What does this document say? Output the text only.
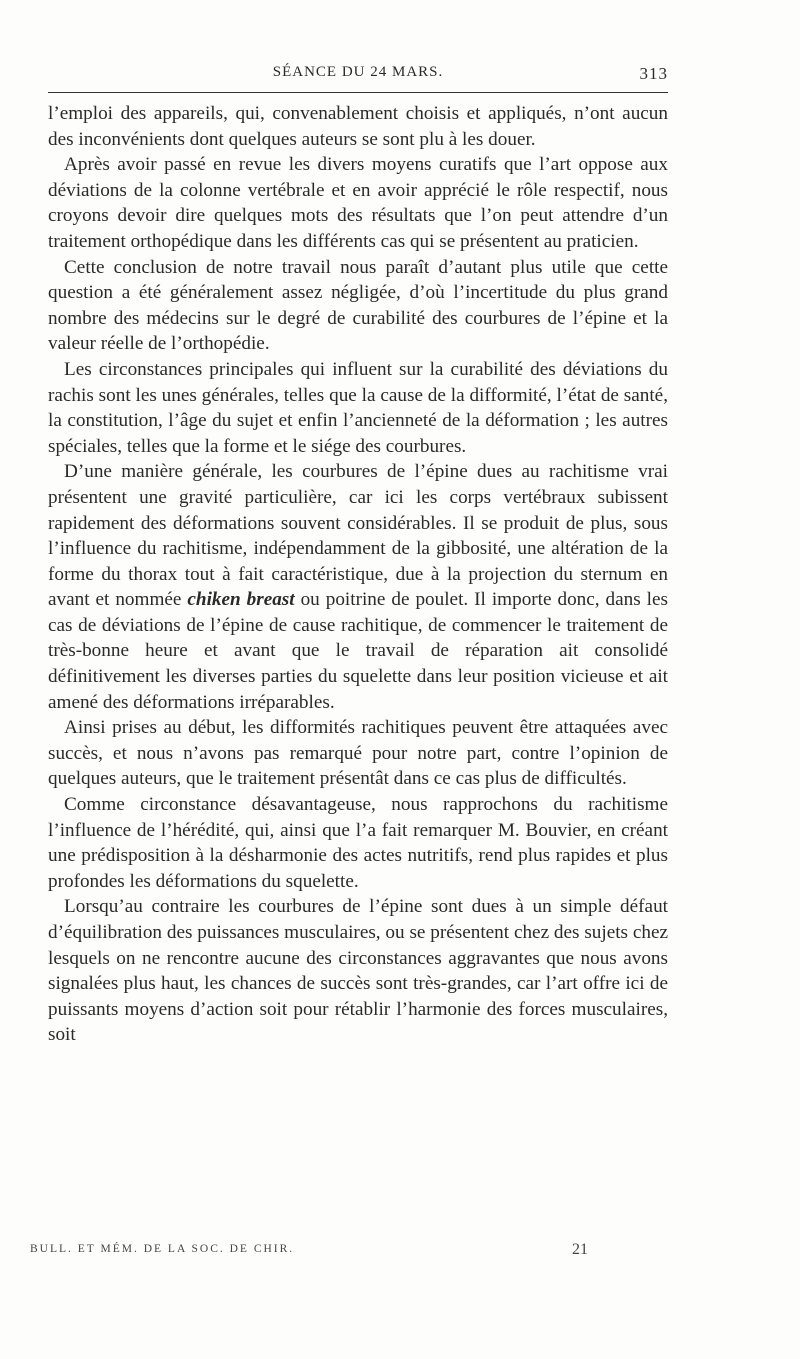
SÉANCE DU 24 MARS.	313

l’emploi des appareils, qui, convenablement choisis et appliqués, n’ont aucun des inconvénients dont quelques auteurs se sont plu à les douer.

Après avoir passé en revue les divers moyens curatifs que l’art oppose aux déviations de la colonne vertébrale et en avoir apprécié le rôle respectif, nous croyons devoir dire quelques mots des résultats que l’on peut attendre d’un traitement orthopédique dans les différents cas qui se présentent au praticien.

Cette conclusion de notre travail nous paraît d’autant plus utile que cette question a été généralement assez négligée, d’où l’incertitude du plus grand nombre des médecins sur le degré de curabilité des courbures de l’épine et la valeur réelle de l’orthopédie.

Les circonstances principales qui influent sur la curabilité des déviations du rachis sont les unes générales, telles que la cause de la difformité, l’état de santé, la constitution, l’âge du sujet et enfin l’ancienneté de la déformation ; les autres spéciales, telles que la forme et le siége des courbures.

D’une manière générale, les courbures de l’épine dues au rachitisme vrai présentent une gravité particulière, car ici les corps vertébraux subissent rapidement des déformations souvent considérables. Il se produit de plus, sous l’influence du rachitisme, indépendamment de la gibbosité, une altération de la forme du thorax tout à fait caractéristique, due à la projection du sternum en avant et nommée chiken breast ou poitrine de poulet. Il importe donc, dans les cas de déviations de l’épine de cause rachitique, de commencer le traitement de très-bonne heure et avant que le travail de réparation ait consolidé définitivement les diverses parties du squelette dans leur position vicieuse et ait amené des déformations irréparables.

Ainsi prises au début, les difformités rachitiques peuvent être attaquées avec succès, et nous n’avons pas remarqué pour notre part, contre l’opinion de quelques auteurs, que le traitement présentât dans ce cas plus de difficultés.

Comme circonstance désavantageuse, nous rapprochons du rachitisme l’influence de l’hérédité, qui, ainsi que l’a fait remarquer M. Bouvier, en créant une prédisposition à la désharmonie des actes nutritifs, rend plus rapides et plus profondes les déformations du squelette.

Lorsqu’au contraire les courbures de l’épine sont dues à un simple défaut d’équilibration des puissances musculaires, ou se présentent chez des sujets chez lesquels on ne rencontre aucune des circonstances aggravantes que nous avons signalées plus haut, les chances de succès sont très-grandes, car l’art offre ici de puissants moyens d’action soit pour rétablir l’harmonie des forces musculaires, soit

BULL. ET MÉM. DE LA SOC. DE CHIR.	21
